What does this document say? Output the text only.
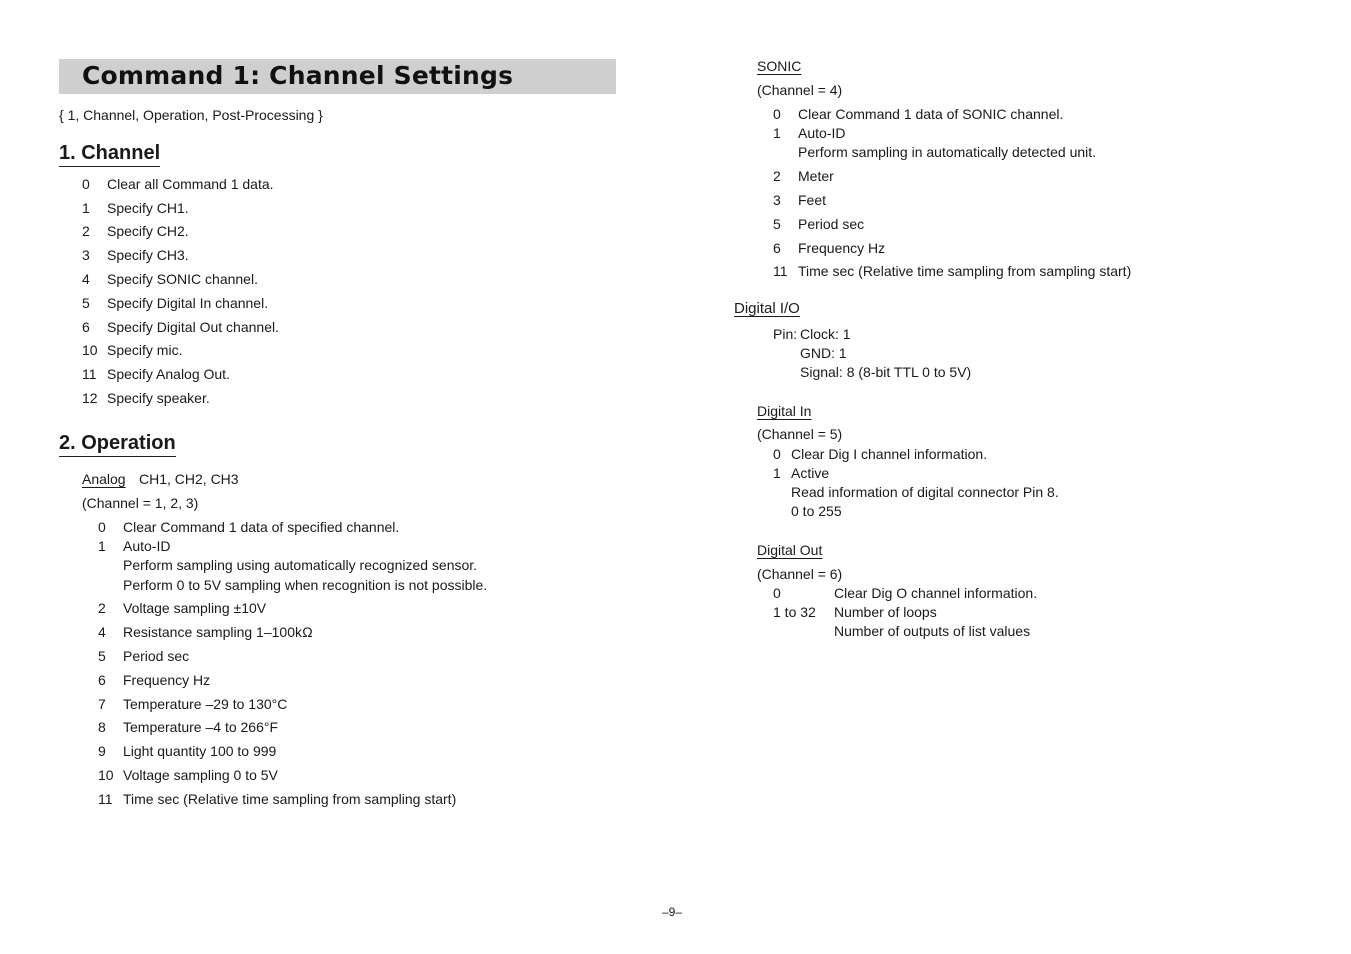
Command 1: Channel Settings
{ 1, Channel, Operation, Post-Processing }
1. Channel
0 Clear all Command 1 data.
1 Specify CH1.
2 Specify CH2.
3 Specify CH3.
4 Specify SONIC channel.
5 Specify Digital In channel.
6 Specify Digital Out channel.
10 Specify mic.
11 Specify Analog Out.
12 Specify speaker.
2. Operation
Analog CH1, CH2, CH3
(Channel = 1, 2, 3)
0 Clear Command 1 data of specified channel.
1 Auto-ID
Perform sampling using automatically recognized sensor.
Perform 0 to 5V sampling when recognition is not possible.
2 Voltage sampling ±10V
4 Resistance sampling 1–100kΩ
5 Period sec
6 Frequency Hz
7 Temperature –29 to 130°C
8 Temperature –4 to 266°F
9 Light quantity 100 to 999
10 Voltage sampling 0 to 5V
11 Time sec (Relative time sampling from sampling start)
SONIC
(Channel = 4)
0 Clear Command 1 data of SONIC channel.
1 Auto-ID
Perform sampling in automatically detected unit.
2 Meter
3 Feet
5 Period sec
6 Frequency Hz
11 Time sec (Relative time sampling from sampling start)
Digital I/O
Pin: Clock: 1
GND: 1
Signal: 8 (8-bit TTL 0 to 5V)
Digital In
(Channel = 5)
0 Clear Dig I channel information.
1 Active
Read information of digital connector Pin 8.
0 to 255
Digital Out
(Channel = 6)
0	Clear Dig O channel information.
1 to 32 Number of loops
Number of outputs of list values
–9–
